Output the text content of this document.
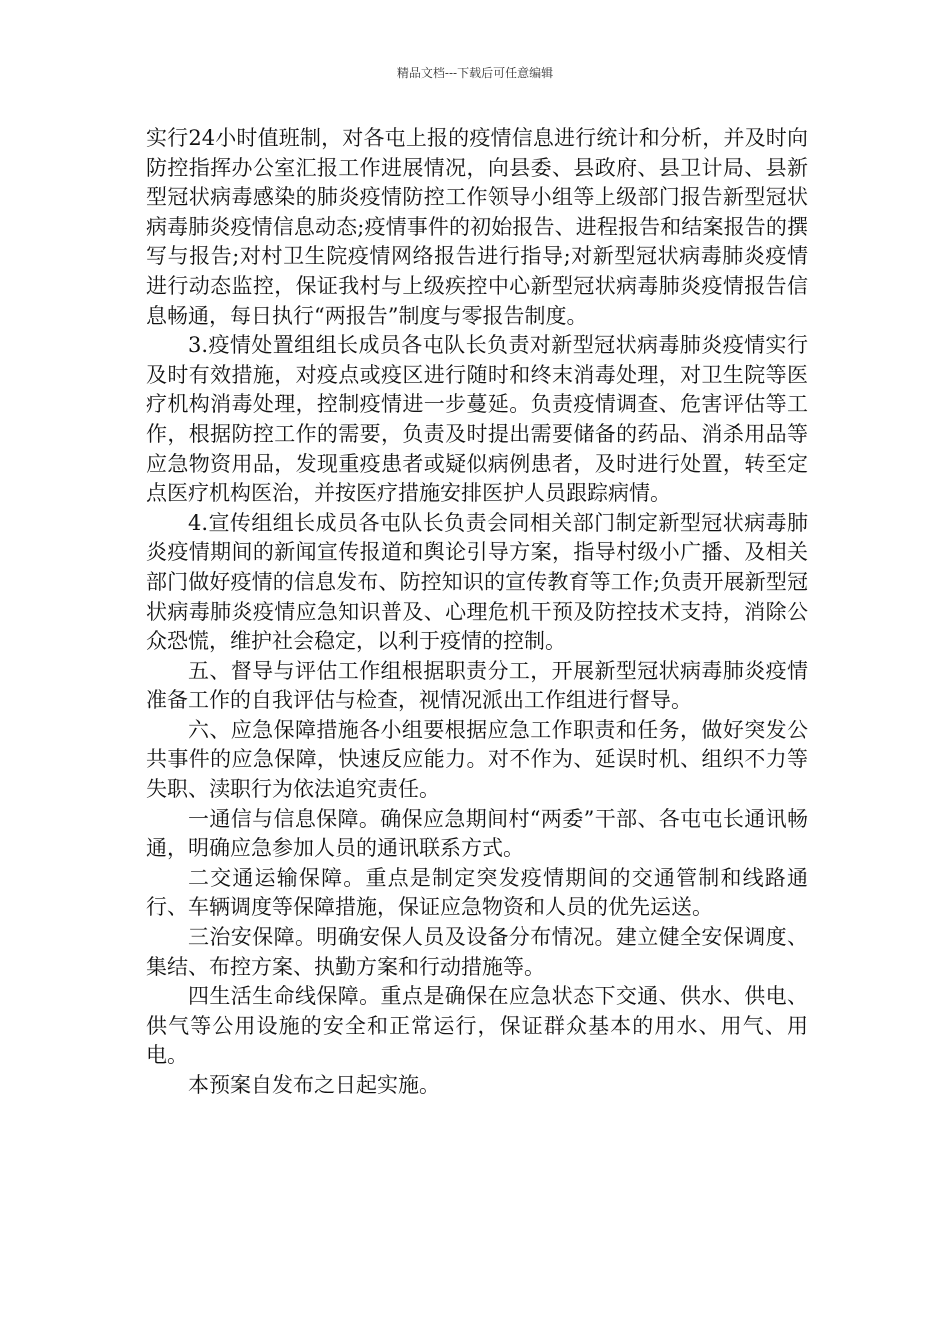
精品文档---下载后可任意编辑

实行24小时值班制，对各屯上报的疫情信息进行统计和分析，并及时向防控指挥办公室汇报工作进展情况，向县委、县政府、县卫计局、县新型冠状病毒感染的肺炎疫情防控工作领导小组等上级部门报告新型冠状病毒肺炎疫情信息动态;疫情事件的初始报告、进程报告和结案报告的撰写与报告;对村卫生院疫情网络报告进行指导;对新型冠状病毒肺炎疫情进行动态监控，保证我村与上级疾控中心新型冠状病毒肺炎疫情报告信息畅通，每日执行“两报告”制度与零报告制度。

3.疫情处置组组长成员各屯队长负责对新型冠状病毒肺炎疫情实行及时有效措施，对疫点或疫区进行随时和终末消毒处理，对卫生院等医疗机构消毒处理，控制疫情进一步蔓延。负责疫情调查、危害评估等工作，根据防控工作的需要，负责及时提出需要储备的药品、消杀用品等应急物资用品，发现重疫患者或疑似病例患者，及时进行处置，转至定点医疗机构医治，并按医疗措施安排医护人员跟踪病情。

4.宣传组组长成员各屯队长负责会同相关部门制定新型冠状病毒肺炎疫情期间的新闻宣传报道和舆论引导方案，指导村级小广播、及相关部门做好疫情的信息发布、防控知识的宣传教育等工作;负责开展新型冠状病毒肺炎疫情应急知识普及、心理危机干预及防控技术支持，消除公众恐慌，维护社会稳定，以利于疫情的控制。

五、督导与评估工作组根据职责分工，开展新型冠状病毒肺炎疫情准备工作的自我评估与检查，视情况派出工作组进行督导。

六、应急保障措施各小组要根据应急工作职责和任务，做好突发公共事件的应急保障，快速反应能力。对不作为、延误时机、组织不力等失职、渎职行为依法追究责任。

一通信与信息保障。确保应急期间村“两委”干部、各屯屯长通讯畅通，明确应急参加人员的通讯联系方式。

二交通运输保障。重点是制定突发疫情期间的交通管制和线路通行、车辆调度等保障措施，保证应急物资和人员的优先运送。

三治安保障。明确安保人员及设备分布情况。建立健全安保调度、集结、布控方案、执勤方案和行动措施等。

四生活生命线保障。重点是确保在应急状态下交通、供水、供电、供气等公用设施的安全和正常运行，保证群众基本的用水、用气、用电。

本预案自发布之日起实施。
